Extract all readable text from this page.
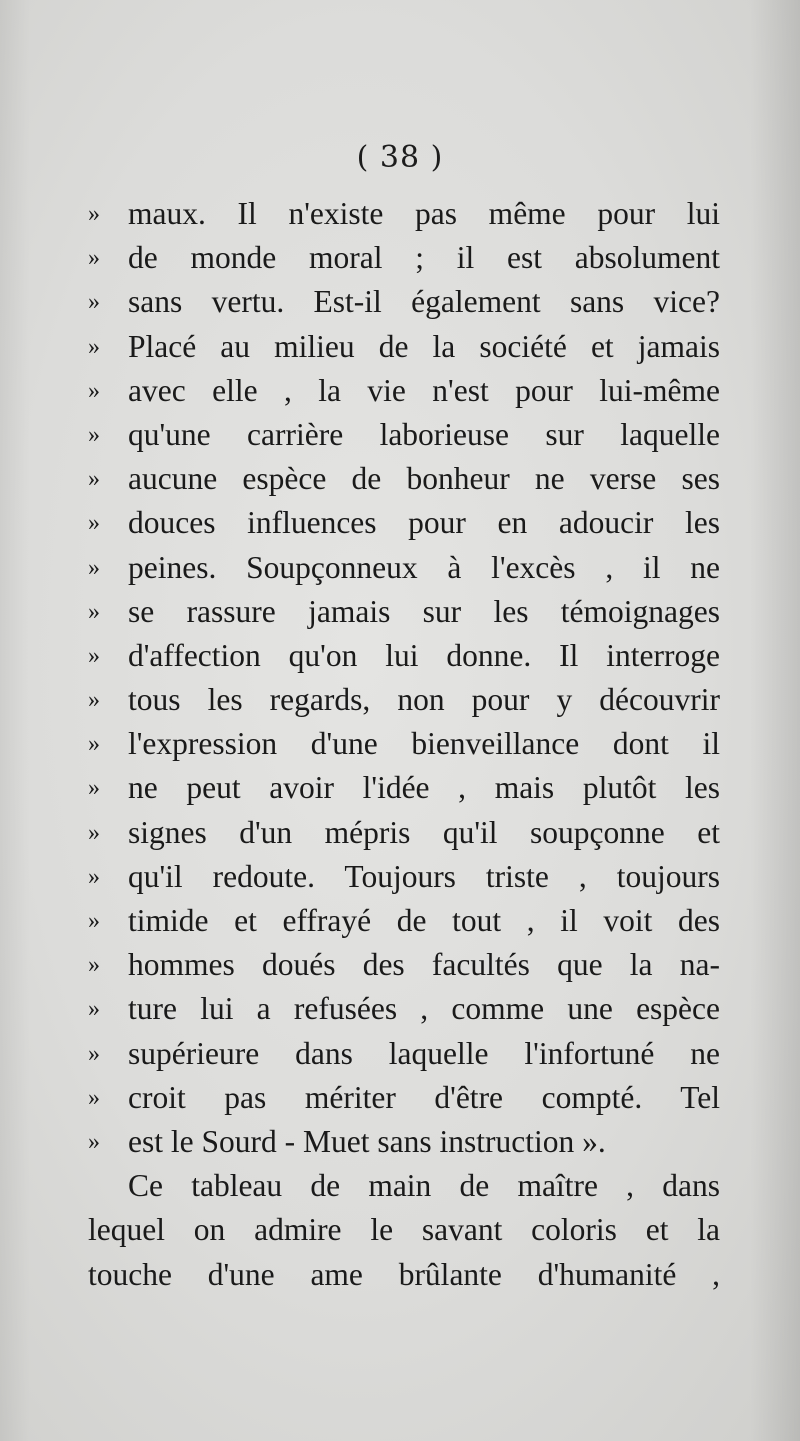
( 38 )
» maux. Il n'existe pas même pour lui
» de monde moral ; il est absolument
» sans vertu. Est-il également sans vice?
» Placé au milieu de la société et jamais
» avec elle , la vie n'est pour lui-même
» qu'une carrière laborieuse sur laquelle
» aucune espèce de bonheur ne verse ses
» douces influences pour en adoucir les
» peines. Soupçonneux à l'excès , il ne
» se rassure jamais sur les témoignages
» d'affection qu'on lui donne. Il interroge
» tous les regards, non pour y découvrir
» l'expression d'une bienveillance dont il
» ne peut avoir l'idée , mais plutôt les
» signes d'un mépris qu'il soupçonne et
» qu'il redoute. Toujours triste , toujours
» timide et effrayé de tout , il voit des
» hommes doués des facultés que la na-
» ture lui a refusées , comme une espèce
» supérieure dans laquelle l'infortuné ne
» croit pas mériter d'être compté. Tel
» est le Sourd - Muet sans instruction ».
Ce tableau de main de maître , dans
lequel on admire le savant coloris et la
touche d'une ame brûlante d'humanité ,
